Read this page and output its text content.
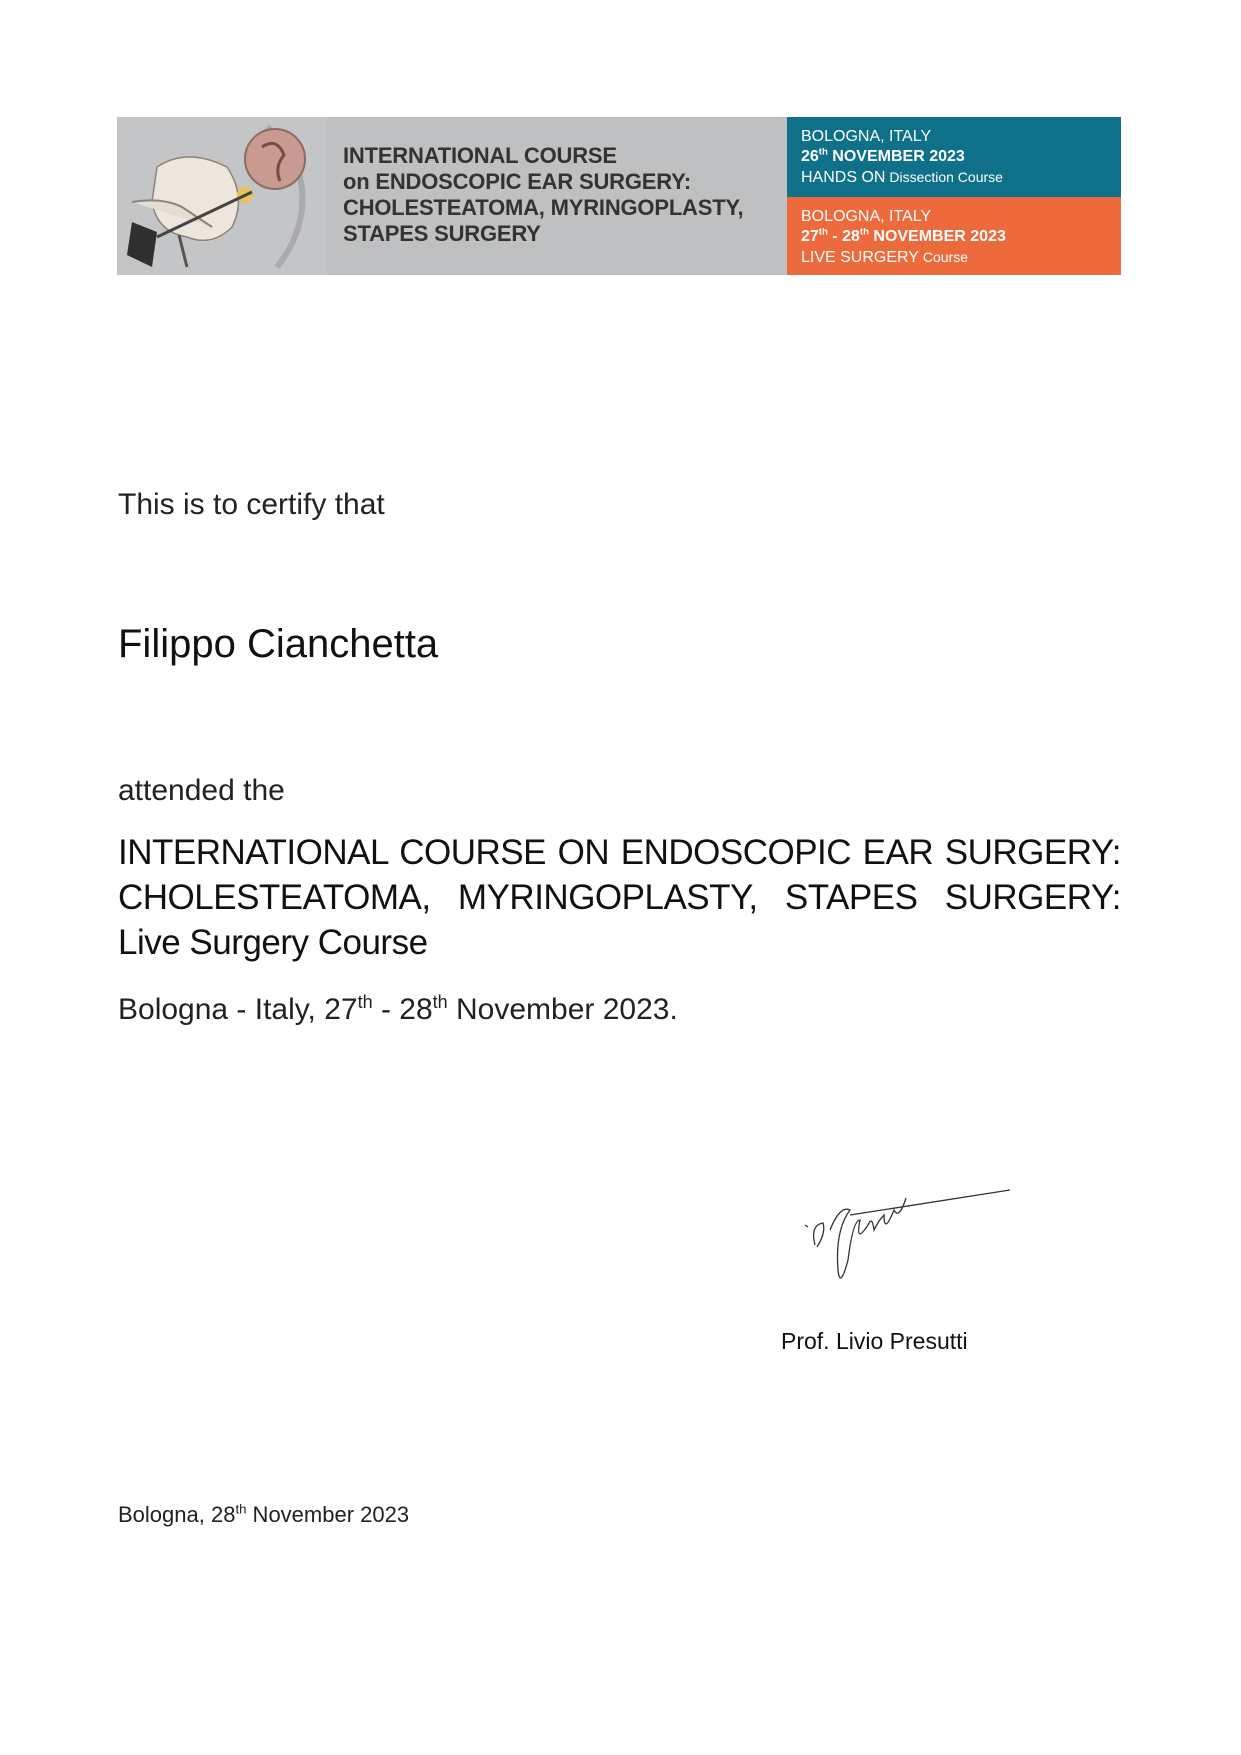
INTERNATIONAL COURSE
on ENDOSCOPIC EAR SURGERY:
CHOLESTEATOMA, MYRINGOPLASTY,
STAPES SURGERY
BOLOGNA, ITALY
26th NOVEMBER 2023
HANDS ON Dissection Course
BOLOGNA, ITALY
27th - 28th NOVEMBER 2023
LIVE SURGERY Course
This is to certify that
Filippo Cianchetta
attended the
INTERNATIONAL COURSE ON ENDOSCOPIC EAR SURGERY: CHOLESTEATOMA, MYRINGOPLASTY, STAPES SURGERY: Live Surgery Course
Bologna - Italy, 27th - 28th November 2023.
Prof. Livio Presutti
Bologna, 28th November 2023
